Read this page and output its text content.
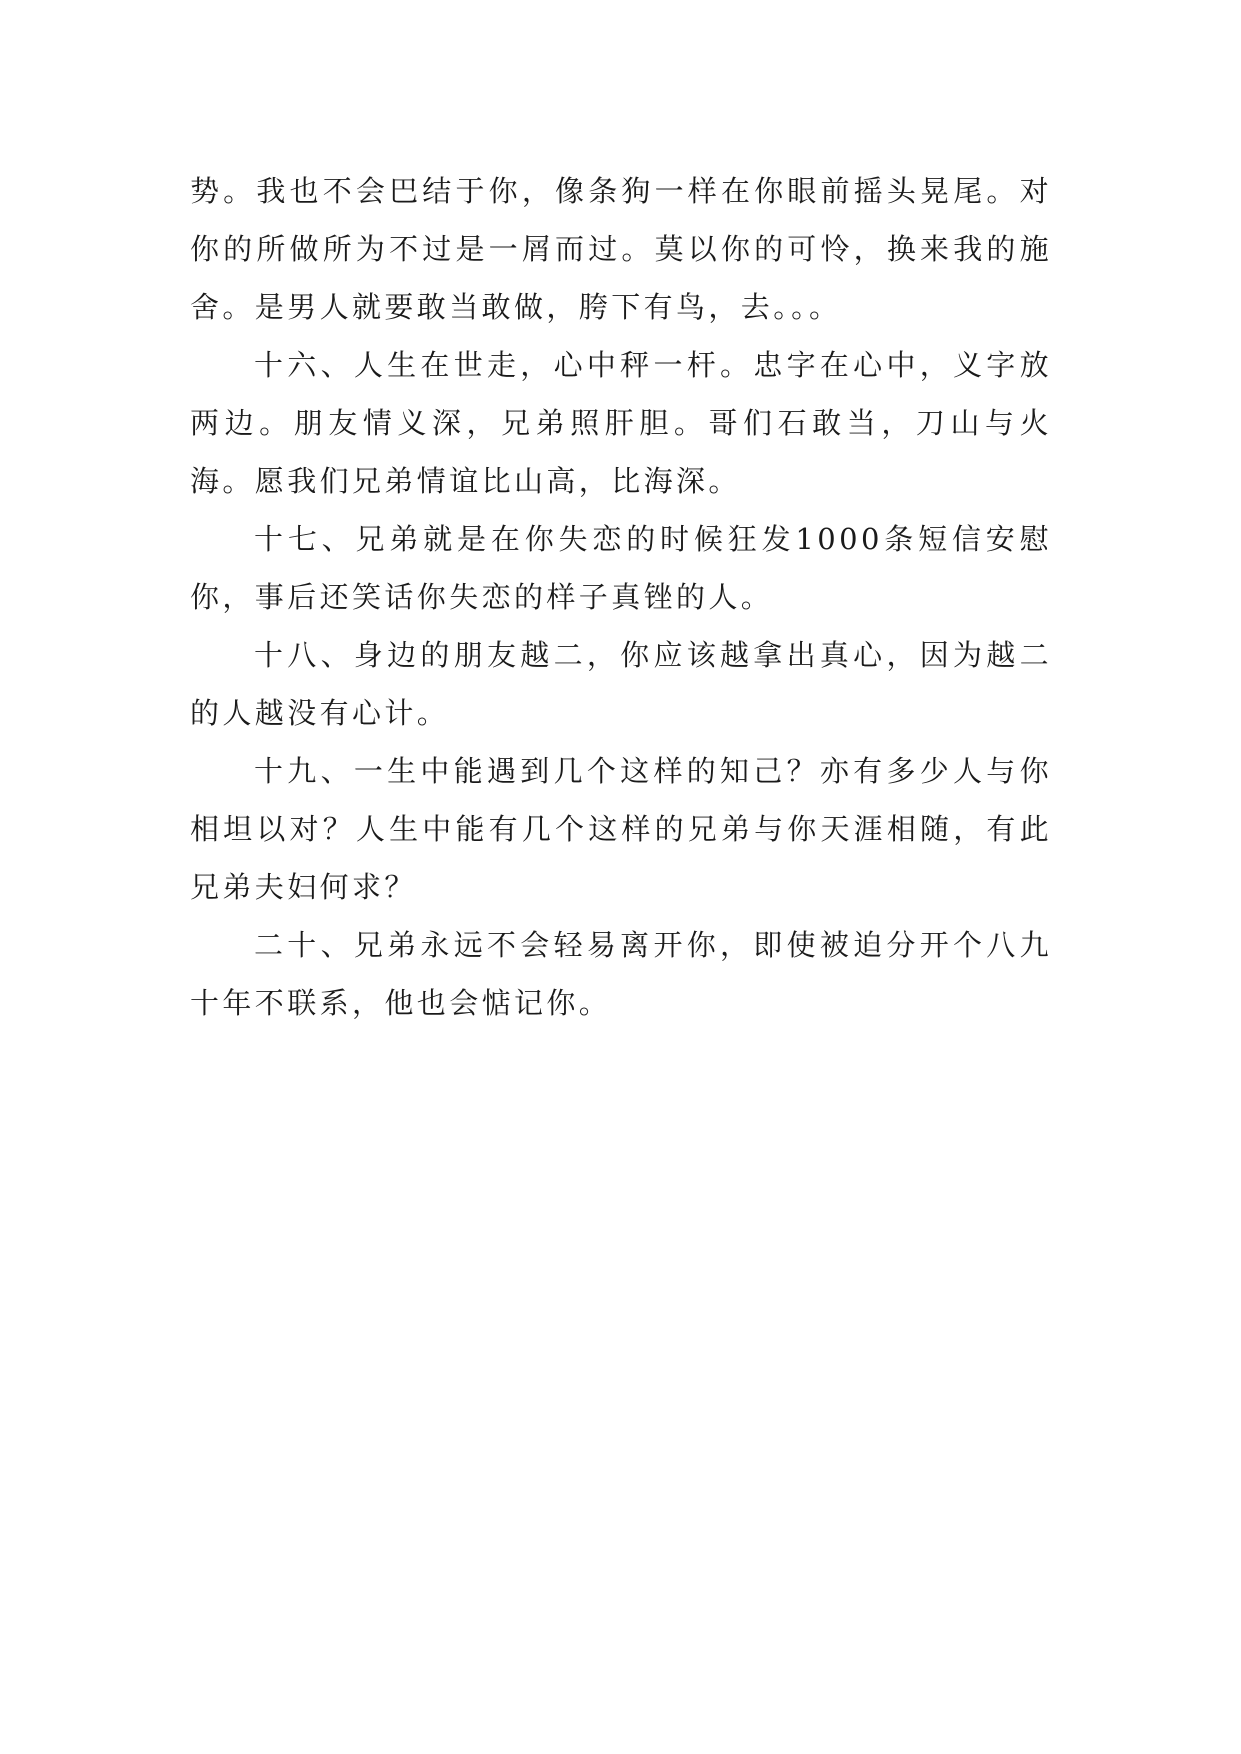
势。我也不会巴结于你，像条狗一样在你眼前摇头晃尾。对你的所做所为不过是一屑而过。莫以你的可怜，换来我的施舍。是男人就要敢当敢做，胯下有鸟，去。。。

十六、人生在世走，心中秤一杆。忠字在心中，义字放两边。朋友情义深，兄弟照肝胆。哥们石敢当，刀山与火海。愿我们兄弟情谊比山高，比海深。

十七、兄弟就是在你失恋的时候狂发1000条短信安慰你，事后还笑话你失恋的样子真锉的人。

十八、身边的朋友越二，你应该越拿出真心，因为越二的人越没有心计。

十九、一生中能遇到几个这样的知己？亦有多少人与你相坦以对？人生中能有几个这样的兄弟与你天涯相随，有此兄弟夫妇何求？

二十、兄弟永远不会轻易离开你，即使被迫分开个八九十年不联系，他也会惦记你。
